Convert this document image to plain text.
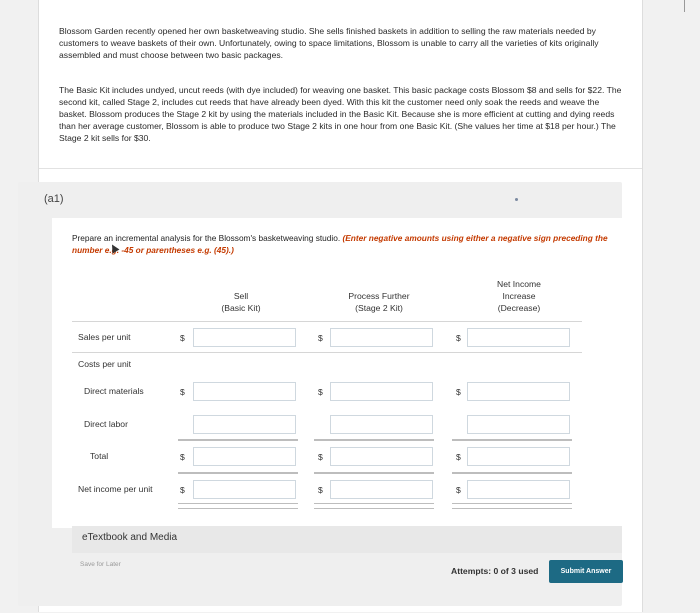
Blossom Garden recently opened her own basketweaving studio. She sells finished baskets in addition to selling the raw materials needed by customers to weave baskets of their own. Unfortunately, owing to space limitations, Blossom is unable to carry all the varieties of kits originally assembled and must choose between two basic packages.

The Basic Kit includes undyed, uncut reeds (with dye included) for weaving one basket. This basic package costs Blossom $8 and sells for $22. The second kit, called Stage 2, includes cut reeds that have already been dyed. With this kit the customer need only soak the reeds and weave the basket. Blossom produces the Stage 2 kit by using the materials included in the Basic Kit. Because she is more efficient at cutting and dying reeds than her average customer, Blossom is able to produce two Stage 2 kits in one hour from one Basic Kit. (She values her time at $18 per hour.) The Stage 2 kit sells for $30.

(a1)
Prepare an incremental analysis for the Blossom's basketweaving studio. (Enter negative amounts using either a negative sign preceding the number e.g. -45 or parentheses e.g. (45).)
Sell
(Basic Kit)
Process Further
(Stage 2 Kit)
Net Income
Increase
(Decrease)
Sales per unit	$	$	$
Costs per unit
Direct materials	$	$	$
Direct labor
Total	$	$	$
Net income per unit	$	$	$
eTextbook and Media
Save for Later
Attempts: 0 of 3 used	Submit Answer
